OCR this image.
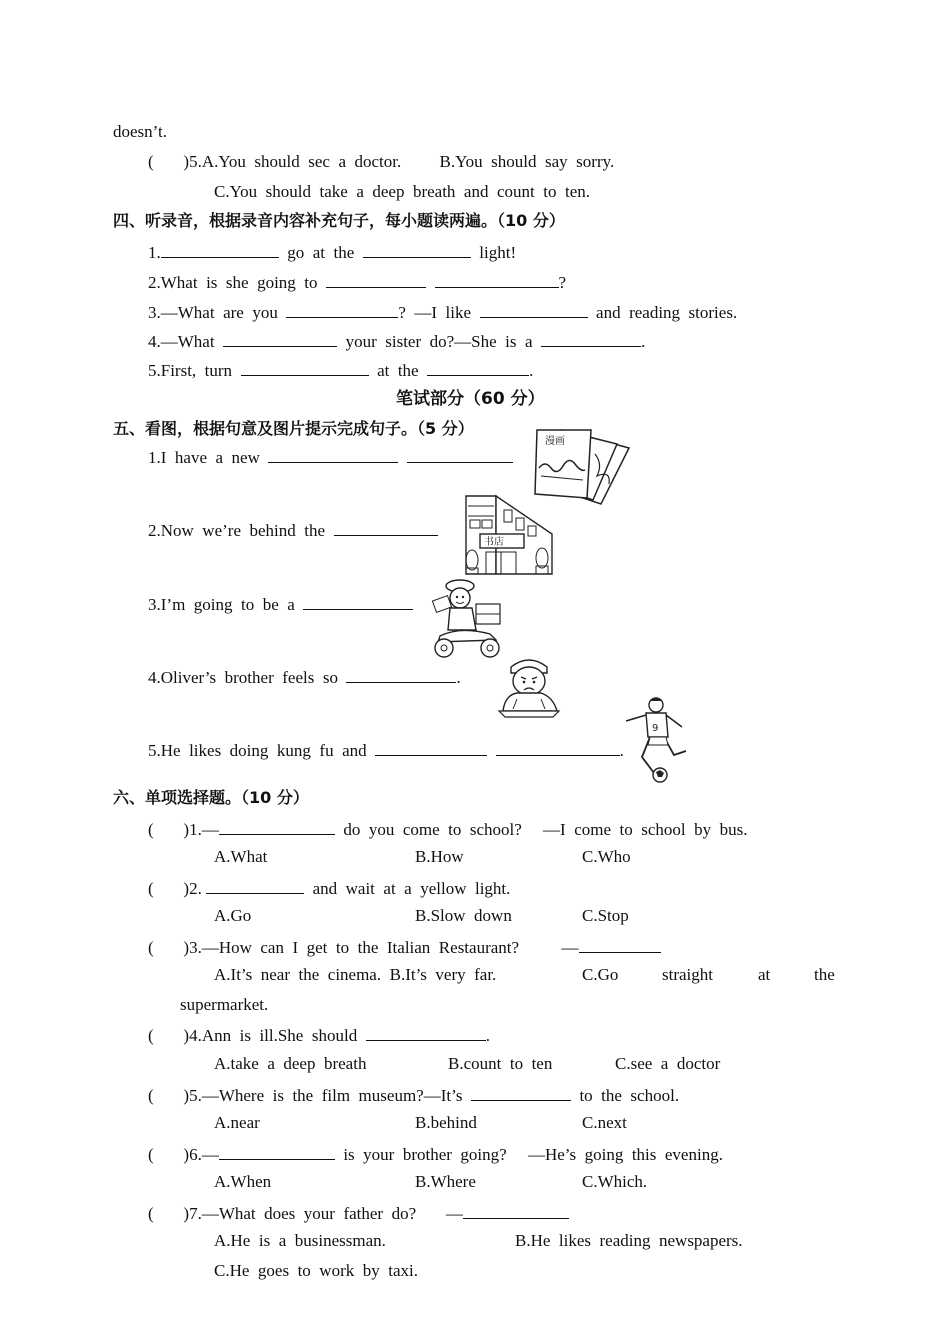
doesn’t.
(       )5.A.You  should  sec  a  doctor.         B.You  should  say  sorry.
C.You  should  take  a  deep  breath  and  count  to  ten.
四、听录音，根据录音内容补充句子，每小题读两遍。（10 分）
1.	go  at  the	light!
2.What  is  she  going  to	?
3.—What  are  you	?  —I  like	and  reading  stories.
4.—What	your  sister  do?—She  is  a	.
5.First,  turn	at  the	.
笔试部分（60 分）
五、看图，根据句意及图片提示完成句子。（5 分）
1.I  have  a  new
2.Now  we’re  behind  the
3.I’m  going  to  be  a
4.Oliver’s  brother  feels  so	.
5.He  likes  doing  kung  fu  and	.
漫画
书店
9
六、单项选择题。（10 分）
(       )1.—	do  you  come  to  school?     —I  come  to  school  by  bus.
A.What	B.How	C.Who
(       )2.	and  wait  at  a  yellow  light.
A.Go	B.Slow  down	C.Stop
(       )3.—How  can  I  get  to  the  Italian  Restaurant?          —
A.It’s  near  the  cinema.  B.It’s  very  far.	C.Go	straight	at	the
supermarket.
(       )4.Ann  is  ill.She  should	.
A.take  a  deep  breath	B.count  to  ten	C.see  a  doctor
(       )5.—Where  is  the  film  museum?—It’s	to  the  school.
A.near	B.behind	C.next
(       )6.—	is  your  brother  going?     —He’s  going  this  evening.
A.When	B.Where	C.Which.
(       )7.—What  does  your  father  do?       —
A.He  is  a  businessman.	B.He  likes  reading  newspapers.
C.He  goes  to  work  by  taxi.
